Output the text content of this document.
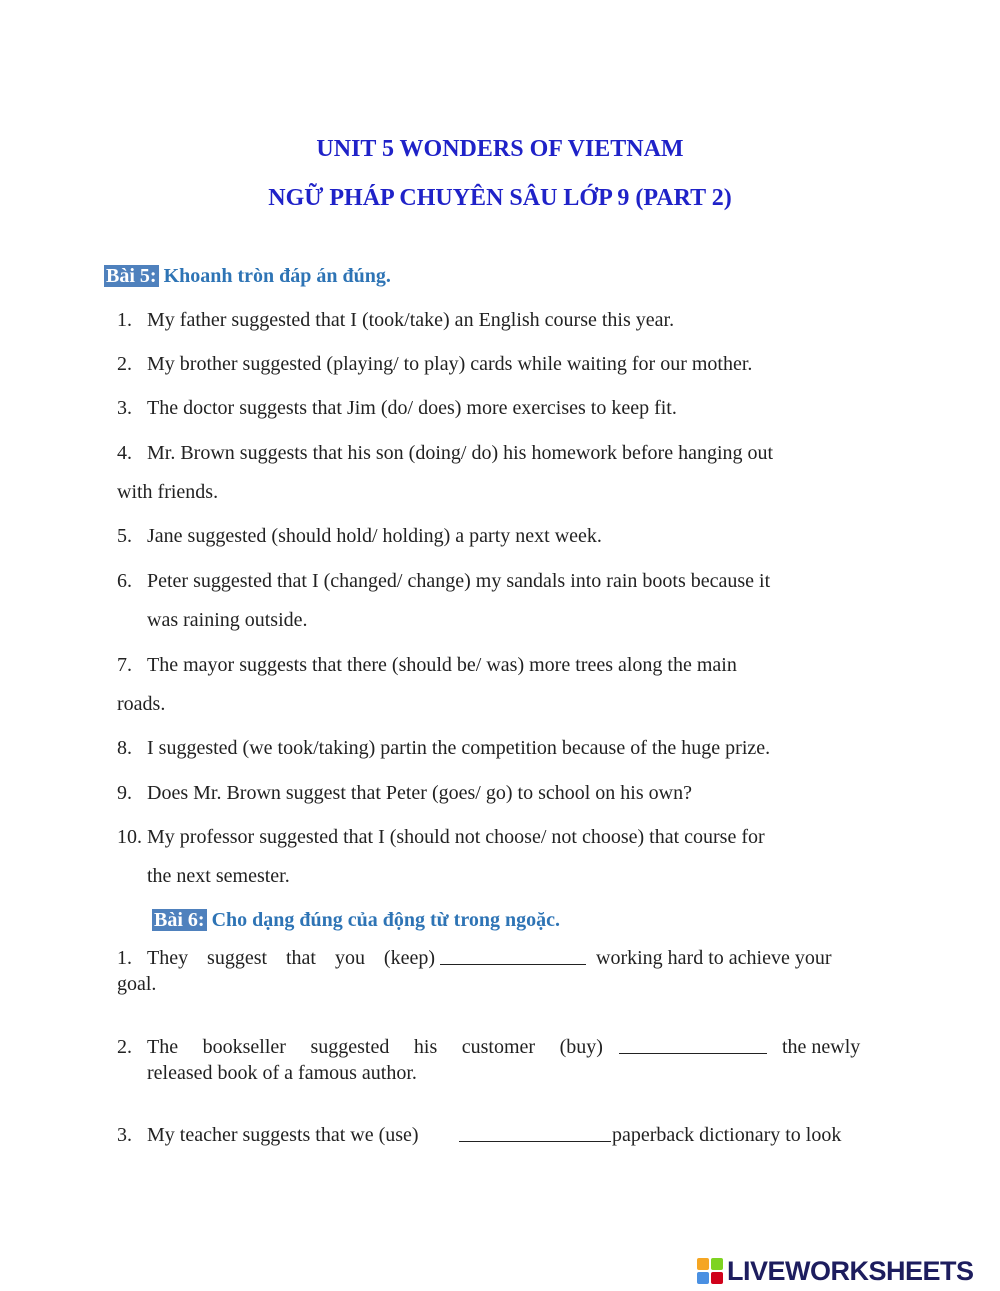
UNIT 5 WONDERS OF VIETNAM
NGỮ PHÁP CHUYÊN SÂU LỚP 9 (PART 2)
Bài 5: Khoanh tròn đáp án đúng.
1. My father suggested that I (took/take) an English course this year.
2. My brother suggested (playing/ to play) cards while waiting for our mother.
3. The doctor suggests that Jim (do/ does) more exercises to keep fit.
4. Mr. Brown suggests that his son (doing/ do) his homework before hanging out
with friends.
5. Jane suggested (should hold/ holding) a party next week.
6. Peter suggested that I (changed/ change) my sandals into rain boots because it
was raining outside.
7. The mayor suggests that there (should be/ was) more trees along the main
roads.
8. I suggested (we took/taking) partin the competition because of the huge prize.
9. Does Mr. Brown suggest that Peter (goes/ go) to school on his own?
10. My professor suggested that I (should not choose/ not choose) that course for
the next semester.
Bài 6: Cho dạng đúng của động từ trong ngoặc.
1. They suggest that you (keep)	working hard to achieve your
goal.
2. The bookseller suggested his customer (buy)	the newly
released book of a famous author.
3. My teacher suggests that we (use)	paperback dictionary to look
LIVEWORKSHEETS
